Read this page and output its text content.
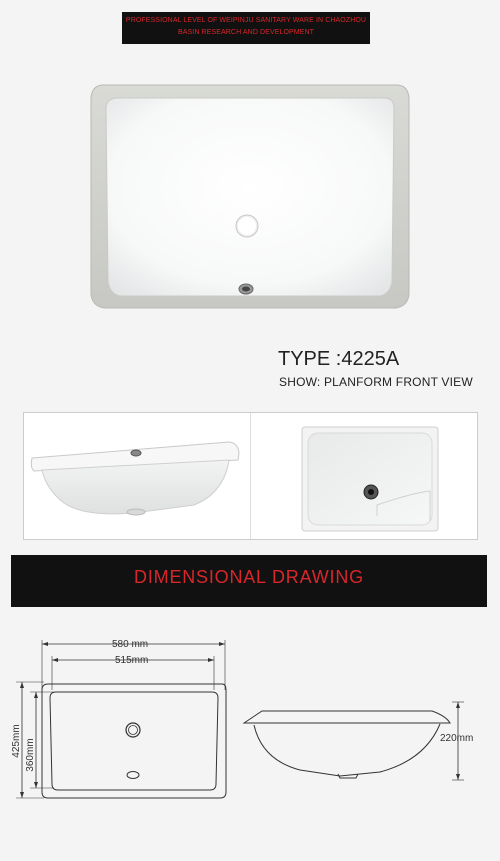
PROFESSIONAL LEVEL OF WEIPINJU SANITARY WARE IN CHAOZHOU
BASIN RESEARCH AND DEVELOPMENT
TYPE :4225A
SHOW: PLANFORM FRONT VIEW
DIMENSIONAL DRAWING
580 mm
515mm
220mm
360mm
425mm
